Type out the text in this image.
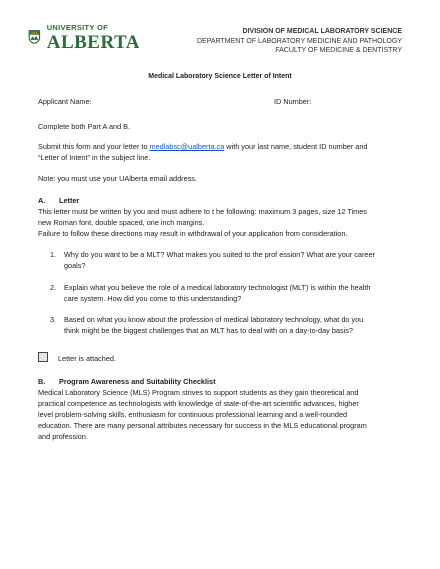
UNIVERSITY OF
ALBERTA	DIVISION OF MEDICAL LABORATORY SCIENCE
DEPARTMENT OF LABORATORY MEDICINE AND PATHOLOGY
FACULTY OF MEDICINE & DENTISTRY
Medical Laboratory Science Letter of Intent
Applicant Name:	ID Number:
Complete both Part A and B.
Submit this form and your letter to medlabsc@ualberta.ca with your last name, student ID number and
“Letter of Intent” in the subject line.
Note: you must use your UAlberta email address.
A. Letter
This letter must be written by you and must adhere to t he following: maximum 3 pages, size 12 Times
new Roman font, double spaced, one inch margins.
Failure to follow these directions may result in withdrawal of your application from consideration.
1. Why do you want to be a MLT? What makes you suited to the prof ession? What are your career
goals?
2. Explain what you believe the role of a medical laboratory technologist (MLT) is within the health
care system. How did you come to this understanding?
3. Based on what you know about the profession of medical laboratory technology, what do you
think might be the biggest challenges that an MLT has to deal with on a day-to-day basis?
Letter is attached.
B. Program Awareness and Suitability Checklist
Medical Laboratory Science (MLS) Program strives to support students as they gain theoretical and
practical competence as technologists with knowledge of state-of-the-art scientific advances, higher
level problem-solving skills, enthusiasm for continuous professional learning and a well-rounded
education. There are many personal attributes necessary for success in the MLS educational program
and profession.
